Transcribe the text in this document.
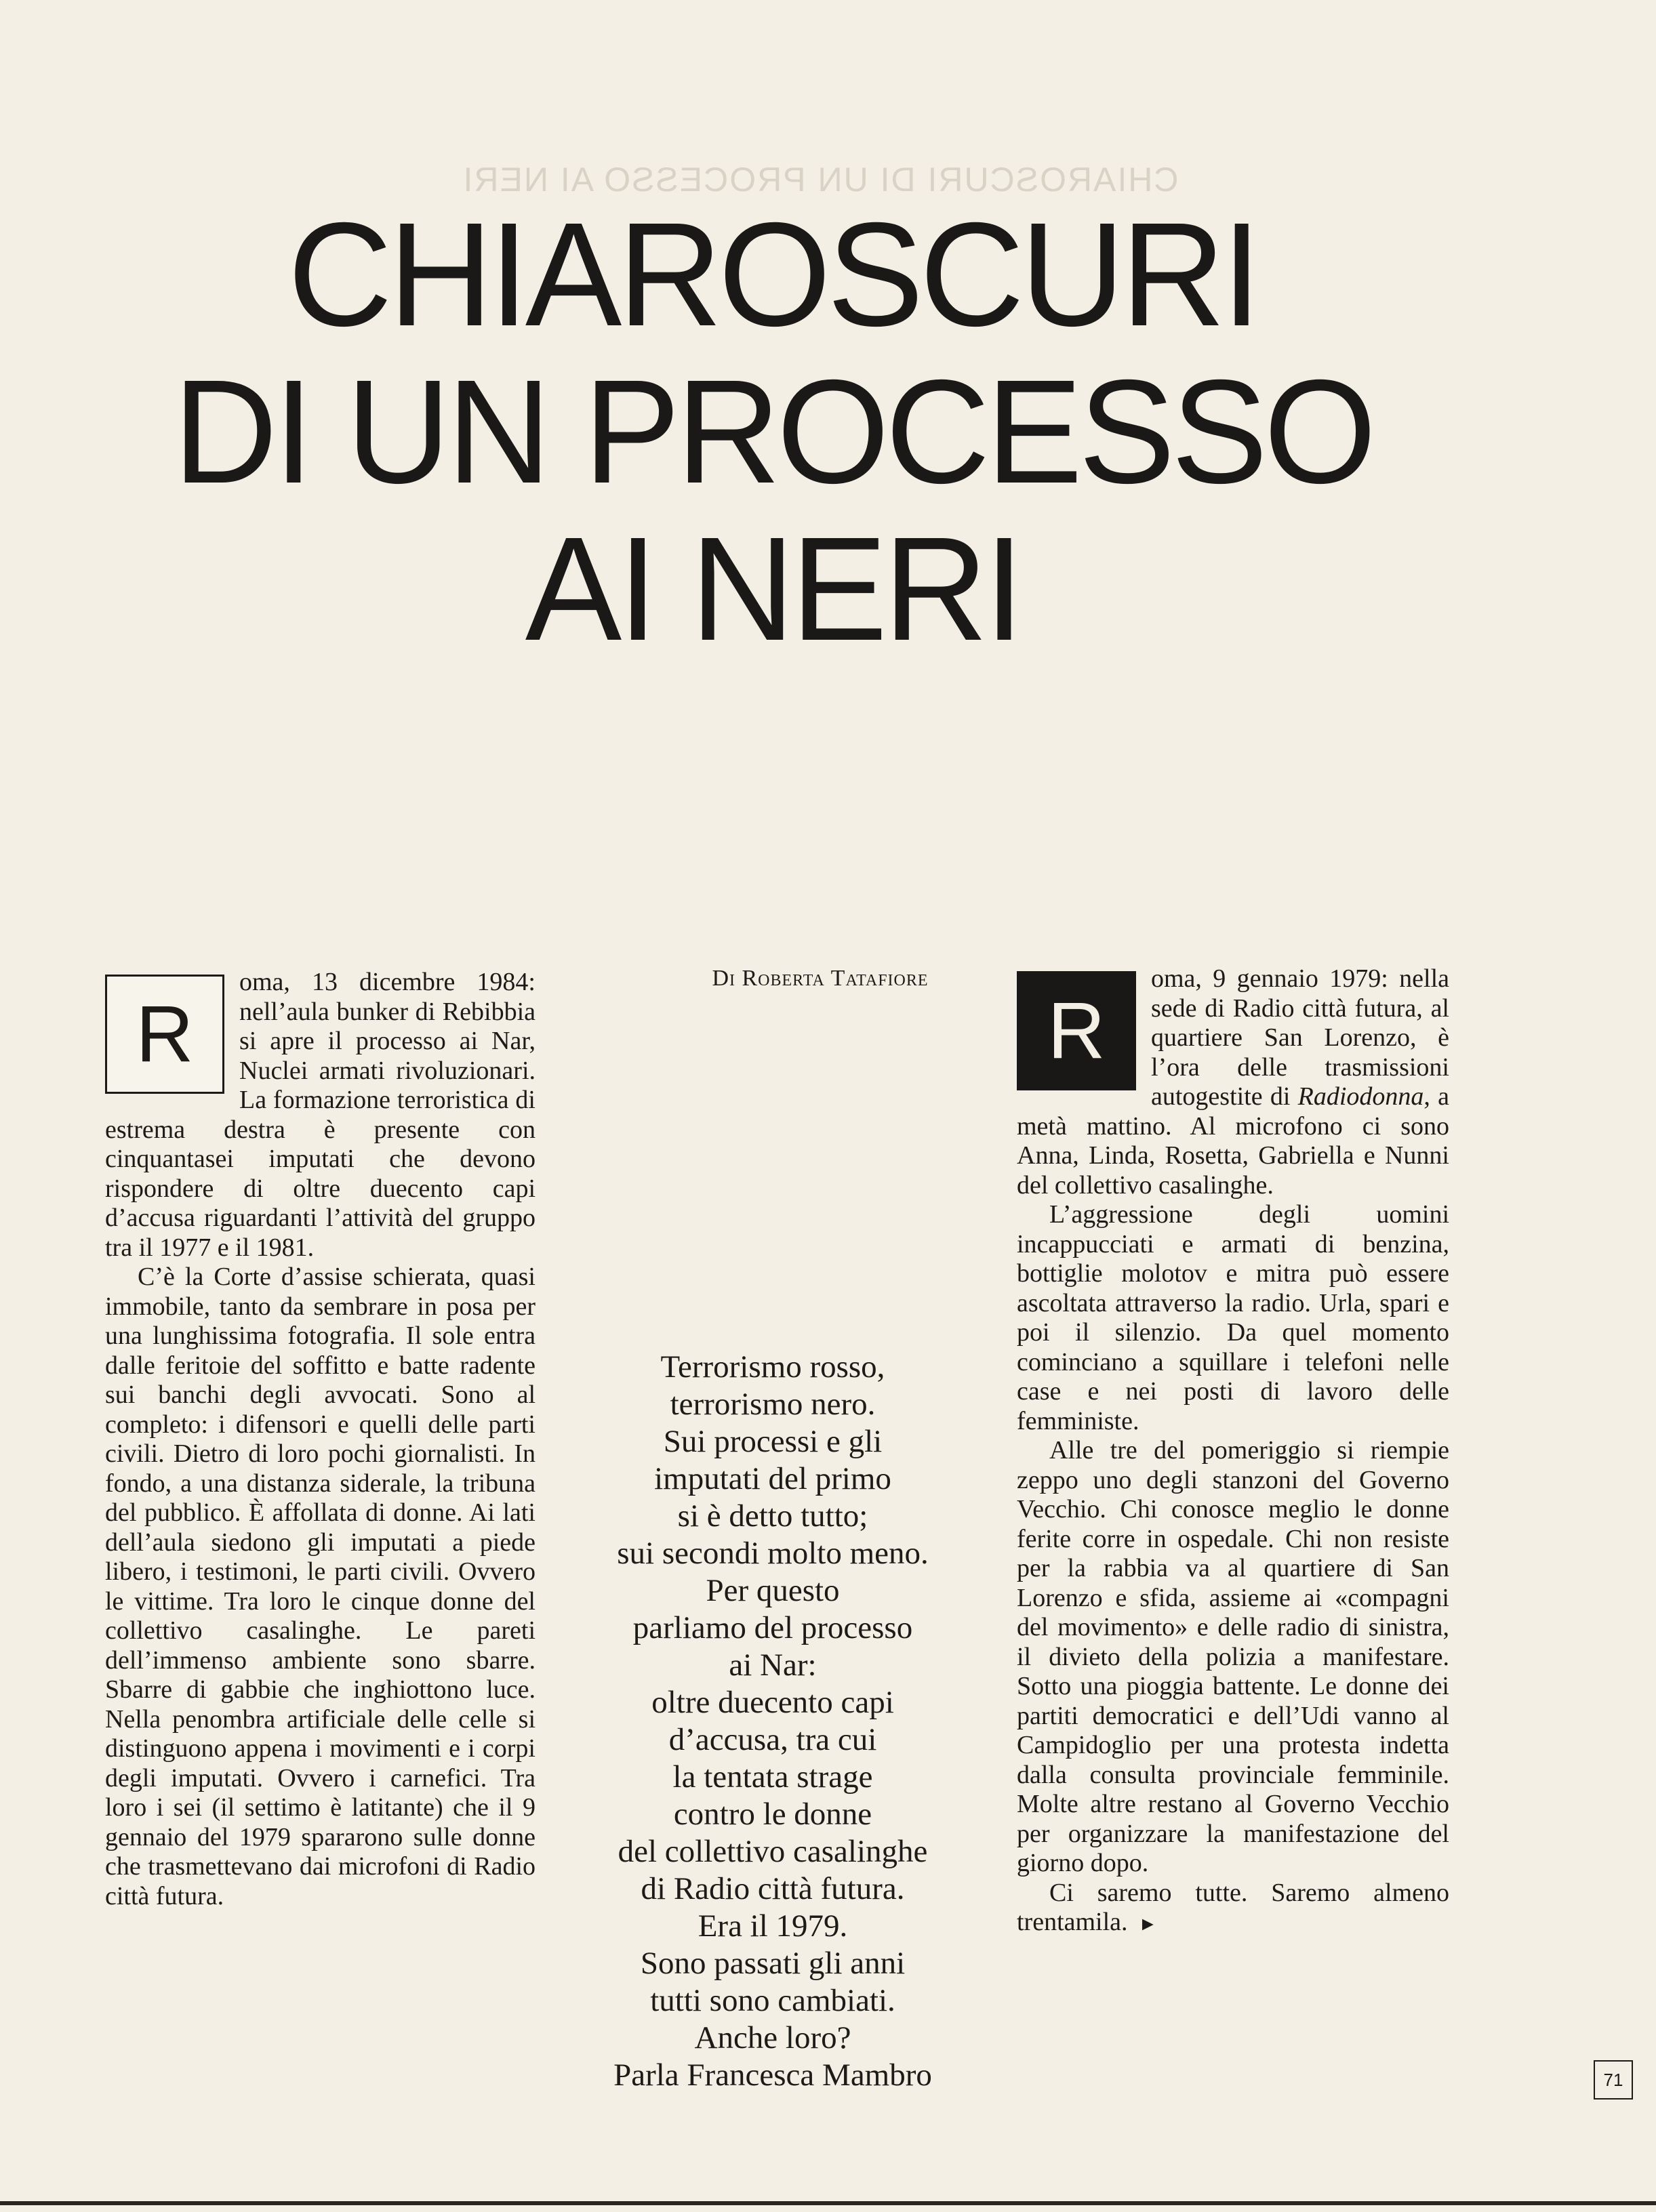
CHIAROSCURI DI UN PROCESSO AI NERI
CHIAROSCURI
DI UN PROCESSO
AI NERI
Di Roberta Tatafiore
R

oma, 13 dicembre 1984: nell’aula bunker di Rebibbia si apre il processo ai Nar, Nuclei armati rivoluzionari. La formazione terroristica di estrema destra è presente con cinquantasei imputati che devono rispondere di oltre duecento capi d’accusa riguardanti l’attività del gruppo tra il 1977 e il 1981.

C’è la Corte d’assise schierata, quasi immobile, tanto da sembrare in posa per una lunghissima fotografia. Il sole entra dalle feritoie del soffitto e batte radente sui banchi degli avvocati. Sono al completo: i difensori e quelli delle parti civili. Dietro di loro pochi giornalisti. In fondo, a una distanza siderale, la tribuna del pubblico. È affollata di donne. Ai lati dell’aula siedono gli imputati a piede libero, i testimoni, le parti civili. Ovvero le vittime. Tra loro le cinque donne del collettivo casalinghe. Le pareti dell’immenso ambiente sono sbarre. Sbarre di gabbie che inghiottono luce. Nella penombra artificiale delle celle si distinguono appena i movimenti e i corpi degli imputati. Ovvero i carnefici. Tra loro i sei (il settimo è latitante) che il 9 gennaio del 1979 spararono sulle donne che trasmettevano dai microfoni di Radio città futura.

Terrorismo rosso,
terrorismo nero.
Sui processi e gli
imputati del primo
si è detto tutto;
sui secondi molto meno.
Per questo
parliamo del processo
ai Nar:
oltre duecento capi
d’accusa, tra cui
la tentata strage
contro le donne
del collettivo casalinghe
di Radio città futura.
Era il 1979.
Sono passati gli anni
tutti sono cambiati.
Anche loro?
Parla Francesca Mambro
R

oma, 9 gennaio 1979: nella sede di Radio città futura, al quartiere San Lorenzo, è l’ora delle trasmissioni autogestite di Radiodonna, a metà mattino. Al microfono ci sono Anna, Linda, Rosetta, Gabriella e Nunni del collettivo casalinghe.

L’aggressione degli uomini incappucciati e armati di benzina, bottiglie molotov e mitra può essere ascoltata attraverso la radio. Urla, spari e poi il silenzio. Da quel momento cominciano a squillare i telefoni nelle case e nei posti di lavoro delle femministe.

Alle tre del pomeriggio si riempie zeppo uno degli stanzoni del Governo Vecchio. Chi conosce meglio le donne ferite corre in ospedale. Chi non resiste per la rabbia va al quartiere di San Lorenzo e sfida, assieme ai «compagni del movimento» e delle radio di sinistra, il divieto della polizia a manifestare. Sotto una pioggia battente. Le donne dei partiti democratici e dell’Udi vanno al Campidoglio per una protesta indetta dalla consulta provinciale femminile. Molte altre restano al Governo Vecchio per organizzare la manifestazione del giorno dopo.

Ci saremo tutte. Saremo almeno trentamila. ►

71
